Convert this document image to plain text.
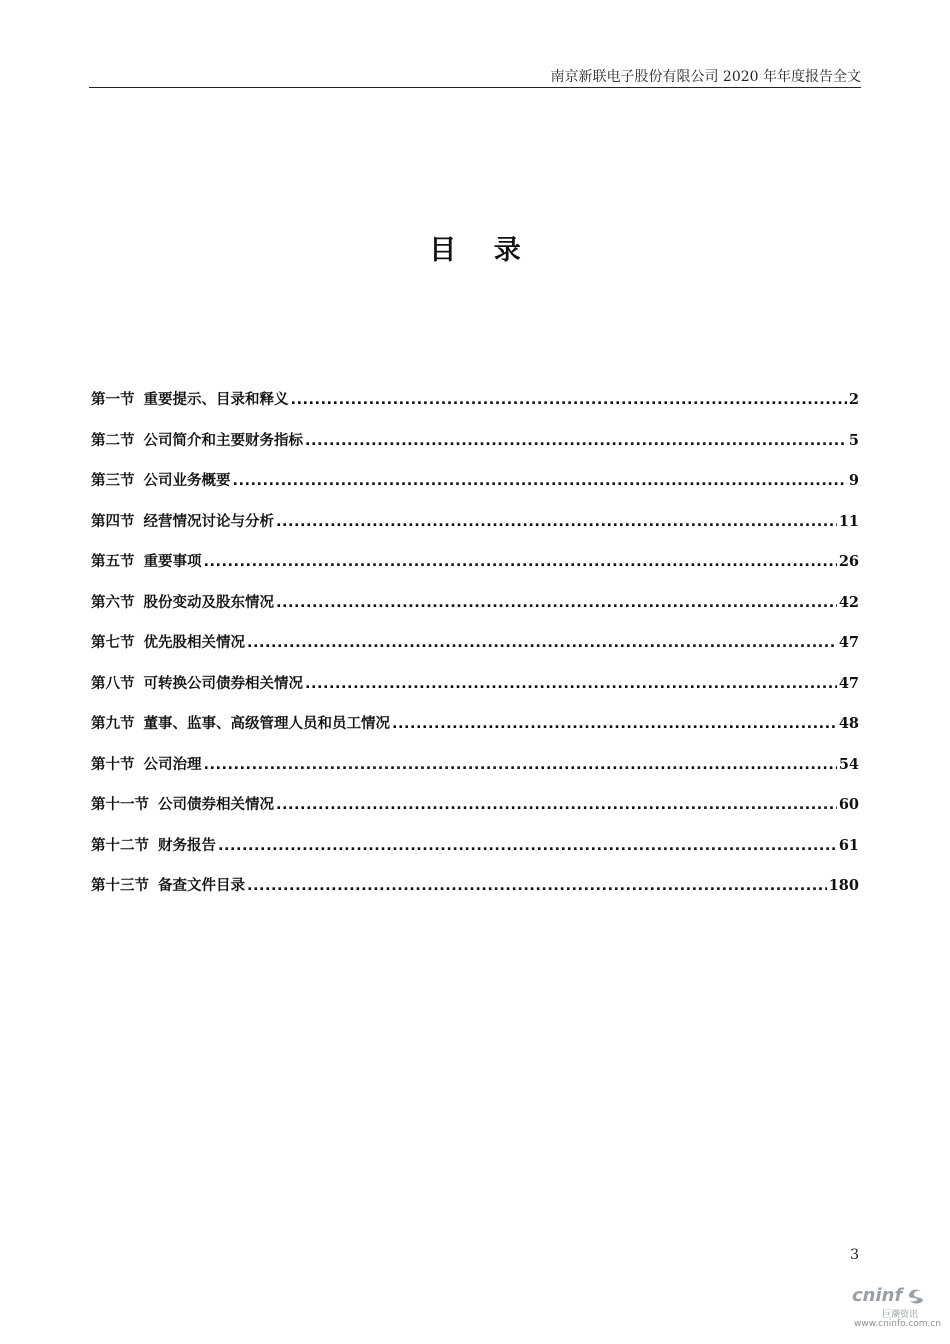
南京新联电子股份有限公司 2020 年年度报告全文
目 录
第一节 重要提示、目录和释义 .....	2
第二节 公司简介和主要财务指标 .....	5
第三节 公司业务概要 .....	9
第四节 经营情况讨论与分析 .....	11
第五节 重要事项 .....	26
第六节 股份变动及股东情况 .....	42
第七节 优先股相关情况 .....	47
第八节 可转换公司债券相关情况 .....	47
第九节 董事、监事、高级管理人员和员工情况 .....	48
第十节 公司治理 .....	54
第十一节 公司债券相关情况 .....	60
第十二节 财务报告 .....	61
第十三节 备查文件目录 .....	180
3
cninf
巨潮资讯
www.cninfo.com.cn
